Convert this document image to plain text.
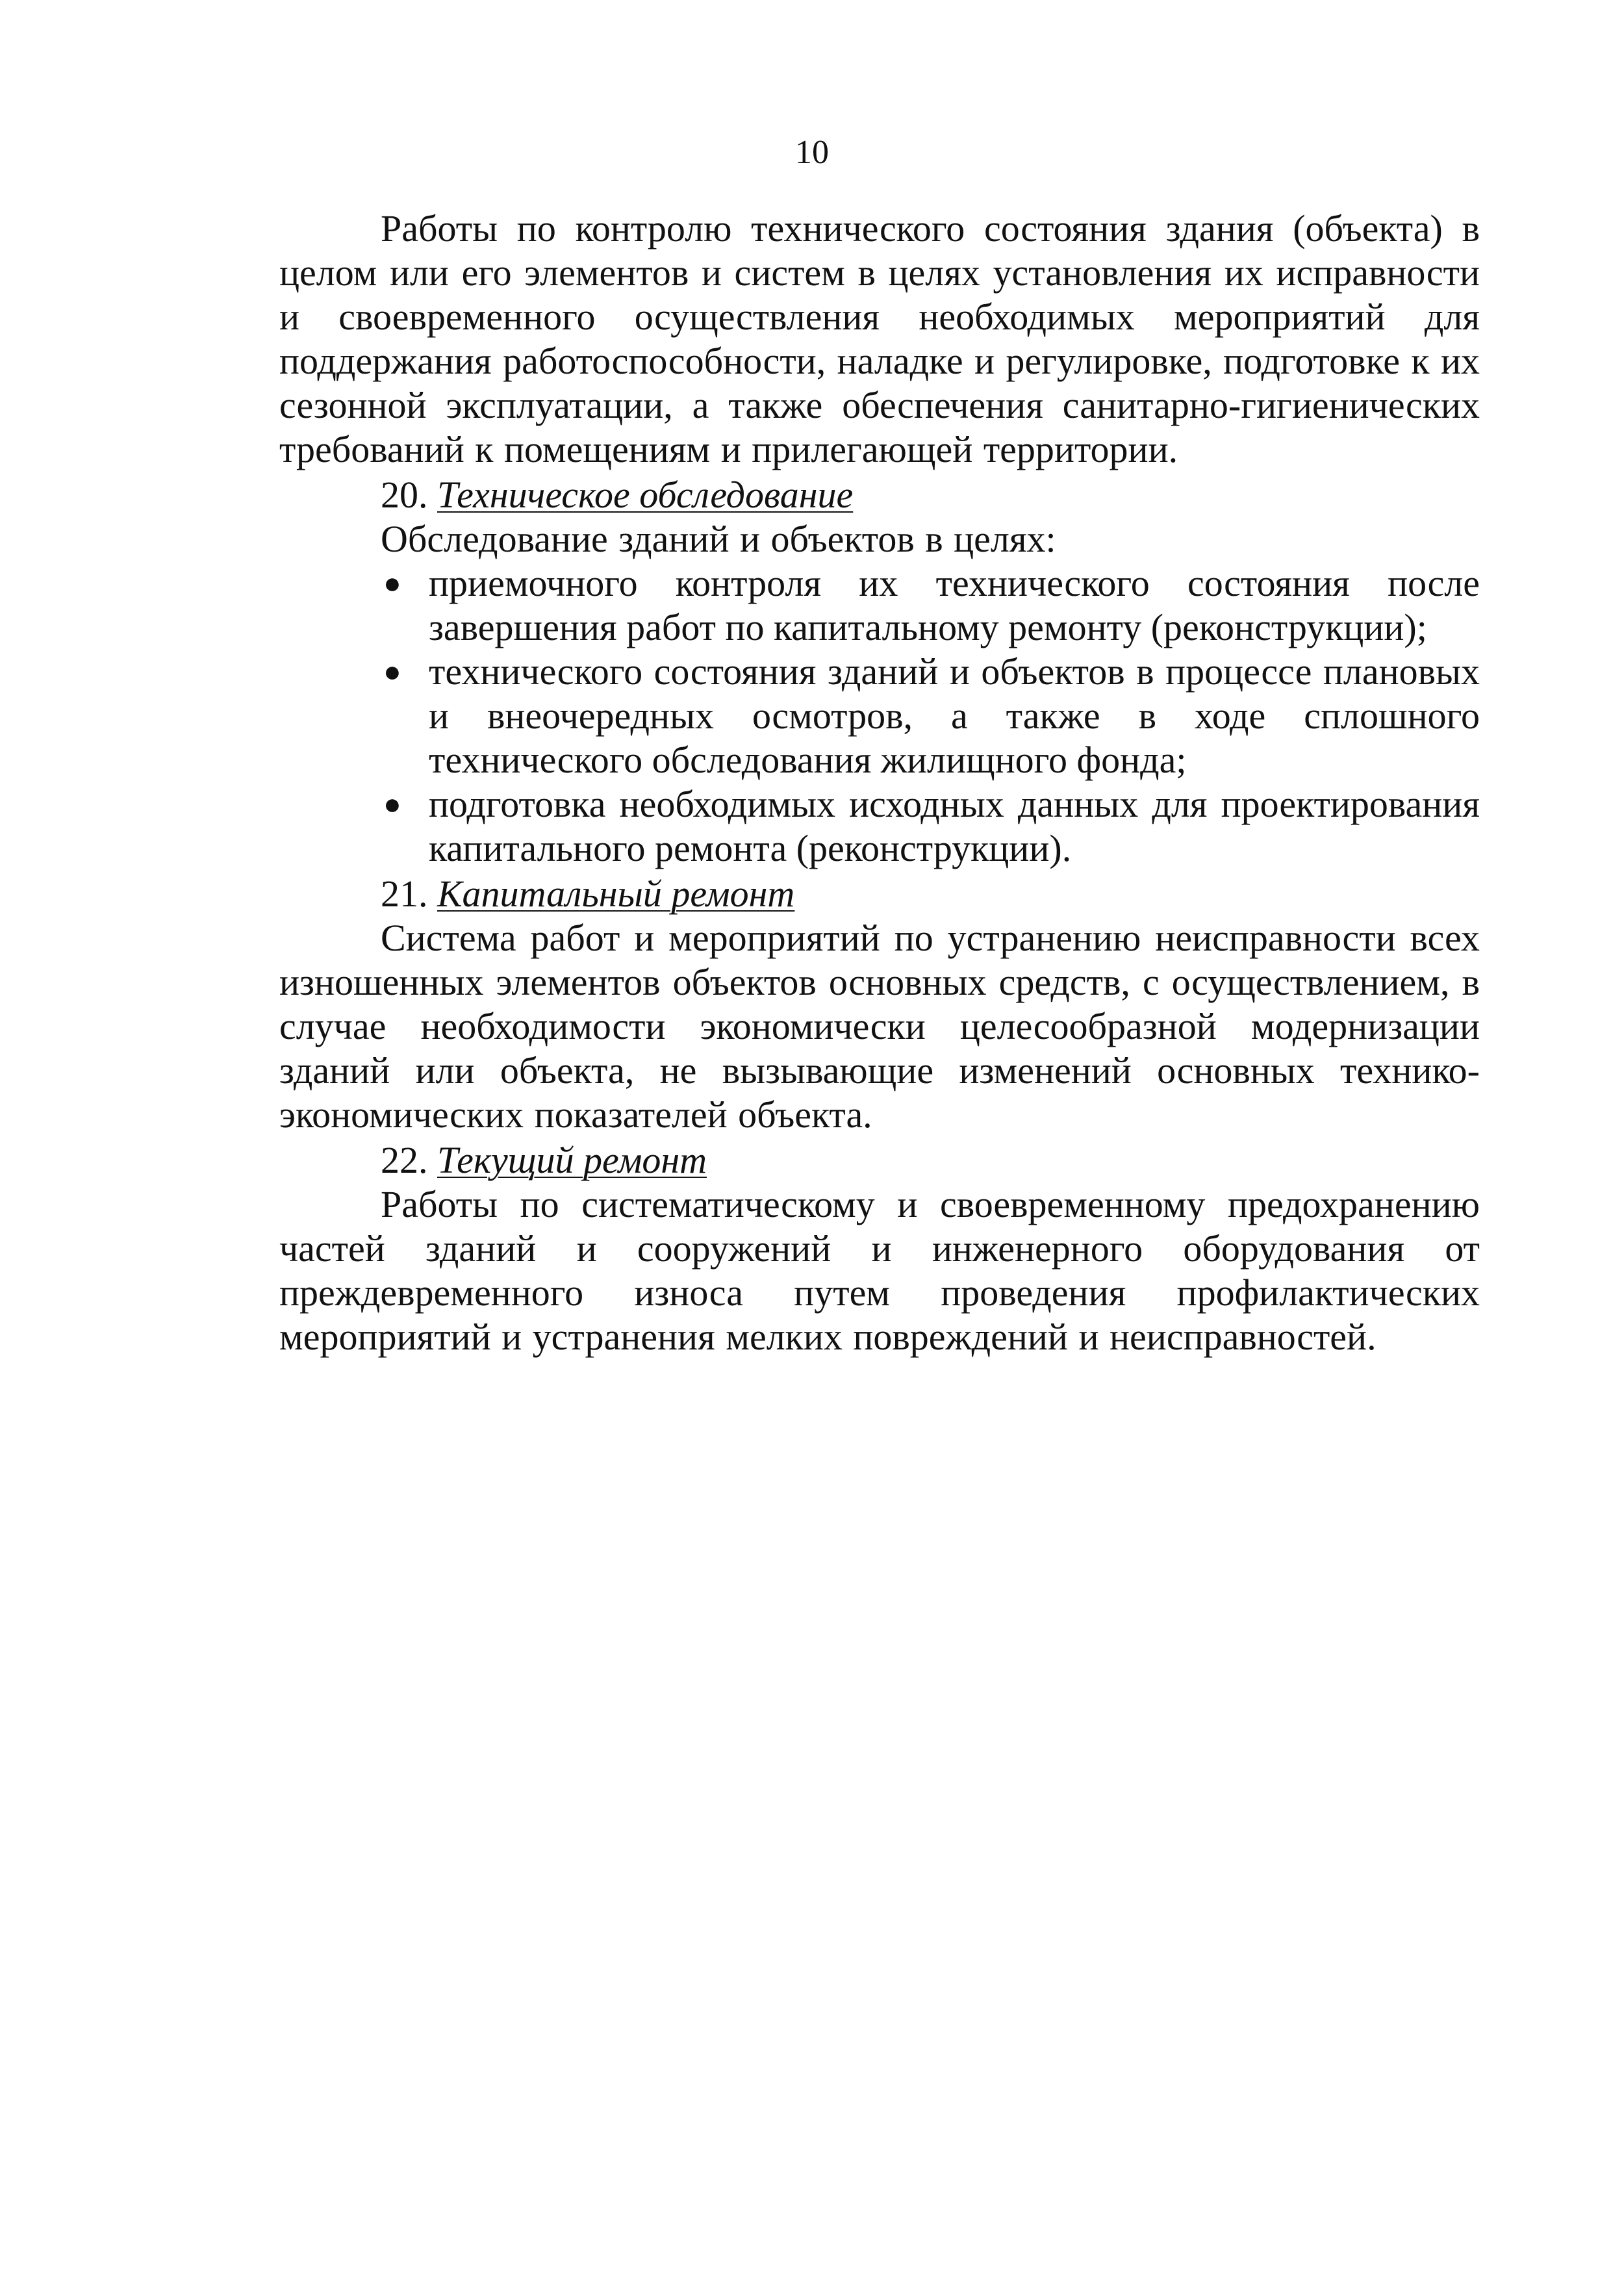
10

Работы по контролю технического состояния здания (объекта) в целом или его элементов и систем в целях установления их исправности и своевременного осуществления необходимых мероприятий для поддержания работоспособности, наладке и регулировке, подготовке к их сезонной эксплуатации, а также обеспечения санитарно-гигиенических требований к помещениям и прилегающей территории.

20. Техническое обследование

Обследование зданий и объектов в целях:

● приемочного контроля их технического состояния после завершения работ по капитальному ремонту (реконструкции);
● технического состояния зданий и объектов в процессе плановых и внеочередных осмотров, а также в ходе сплошного технического обследования жилищного фонда;
● подготовка необходимых исходных данных для проектирования капитального ремонта (реконструкции).
21. Капитальный ремонт

Система работ и мероприятий по устранению неисправности всех изношенных элементов объектов основных средств, с осуществлением, в случае необходимости экономически целесообразной модернизации зданий или объекта, не вызывающие изменений основных технико-экономических показателей объекта.

22. Текущий ремонт

Работы по систематическому и своевременному предохранению частей зданий и сооружений и инженерного оборудования от преждевременного износа путем проведения профилактических мероприятий и устранения мелких повреждений и неисправностей.
